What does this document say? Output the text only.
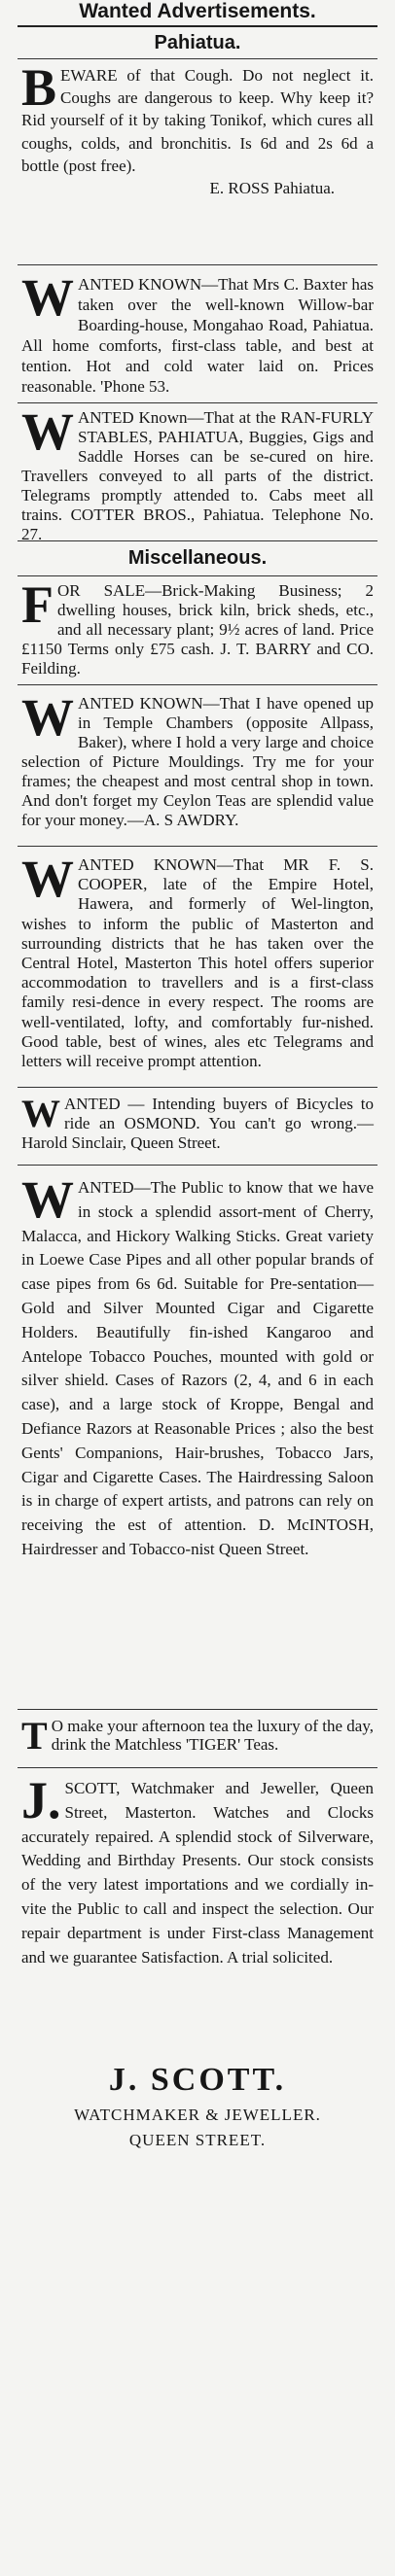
Wanted Advertisements.
Pahiatua.
B EWARE of that Cough. Do not neglect it. Coughs are dangerous to keep. Why keep it? Rid yourself of it by taking Tonikof, which cures all coughs, colds, and bronchitis. Is 6d and 2s 6d a bottle (post free).

E. ROSS Pahiatua.

W ANTED KNOWN—That Mrs C. Baxter has taken over the well-known Willow-bar Boarding-house, Mongahao Road, Pahiatua. All home comforts, first-class table, and best at tention. Hot and cold water laid on. Prices reasonable. 'Phone 53.

W ANTED Known—That at the RAN-FURLY STABLES, PAHIATUA, Buggies, Gigs and Saddle Horses can be se-cured on hire. Travellers conveyed to all parts of the district. Telegrams promptly attended to. Cabs meet all trains. COTTER BROS., Pahiatua. Telephone No. 27.

Miscellaneous.
F OR SALE—Brick-Making Business; 2 dwelling houses, brick kiln, brick sheds, etc., and all necessary plant; 9½ acres of land. Price £1150 Terms only £75 cash. J. T. BARRY and CO. Feilding.

W ANTED KNOWN—That I have opened up in Temple Chambers (opposite Allpass, Baker), where I hold a very large and choice selection of Picture Mouldings. Try me for your frames; the cheapest and most central shop in town. And don't forget my Ceylon Teas are splendid value for your money.—A. S AWDRY.

W ANTED KNOWN—That MR F. S. COOPER, late of the Empire Hotel, Hawera, and formerly of Wel-lington, wishes to inform the public of Masterton and surrounding districts that he has taken over the Central Hotel, Masterton This hotel offers superior accommodation to travellers and is a first-class family resi-dence in every respect. The rooms are well-ventilated, lofty, and comfortably fur-nished. Good table, best of wines, ales etc Telegrams and letters will receive prompt attention.

W ANTED — Intending buyers of Bicycles to ride an OSMOND. You can't go wrong.—Harold Sinclair, Queen Street.

W ANTED—The Public to know that we have in stock a splendid assort-ment of Cherry, Malacca, and Hickory Walking Sticks. Great variety in Loewe Case Pipes and all other popular brands of case pipes from 6s 6d. Suitable for Pre-sentation—Gold and Silver Mounted Cigar and Cigarette Holders. Beautifully fin-ished Kangaroo and Antelope Tobacco Pouches, mounted with gold or silver shield. Cases of Razors (2, 4, and 6 in each case), and a large stock of Kroppe, Bengal and Defiance Razors at Reasonable Prices ; also the best Gents' Companions, Hair-brushes, Tobacco Jars, Cigar and Cigarette Cases. The Hairdressing Saloon is in charge of expert artists, and patrons can rely on receiving the est of attention. D. McINTOSH, Hairdresser and Tobacco-nist Queen Street.

T O make your afternoon tea the luxury of the day, drink the Matchless 'TIGER' Teas.

J. SCOTT, Watchmaker and Jeweller, Queen Street, Masterton. Watches and Clocks accurately repaired. A splendid stock of Silverware, Wedding and Birthday Presents. Our stock consists of the very latest importations and we cordially in-vite the Public to call and inspect the selection. Our repair department is under First-class Management and we guarantee Satisfaction. A trial solicited.

J. SCOTT.
WATCHMAKER & JEWELLER.
QUEEN STREET.
